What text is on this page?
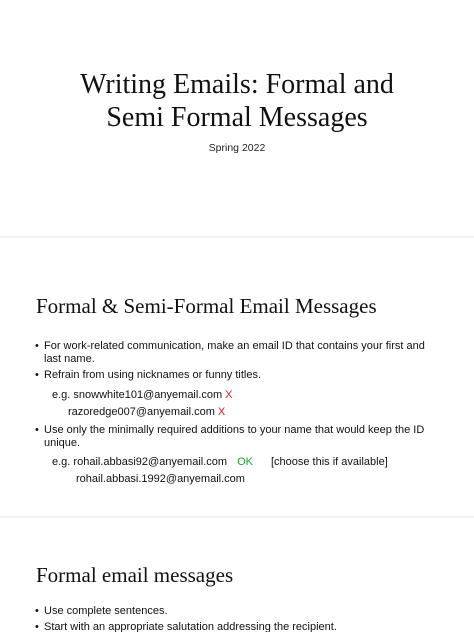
Writing Emails: Formal and
Semi Formal Messages
Spring 2022
Formal & Semi-Formal Email Messages
• For work-related communication, make an email ID that contains your first and last name.
• Refrain from using nicknames or funny titles.
e.g. snowwhite101@anyemail.com X
razoredge007@anyemail.com X
• Use only the minimally required additions to your name that would keep the ID unique.
e.g. rohail.abbasi92@anyemail.com OK [choose this if available]
rohail.abbasi.1992@anyemail.com
Formal email messages
• Use complete sentences.
• Start with an appropriate salutation addressing the recipient.
